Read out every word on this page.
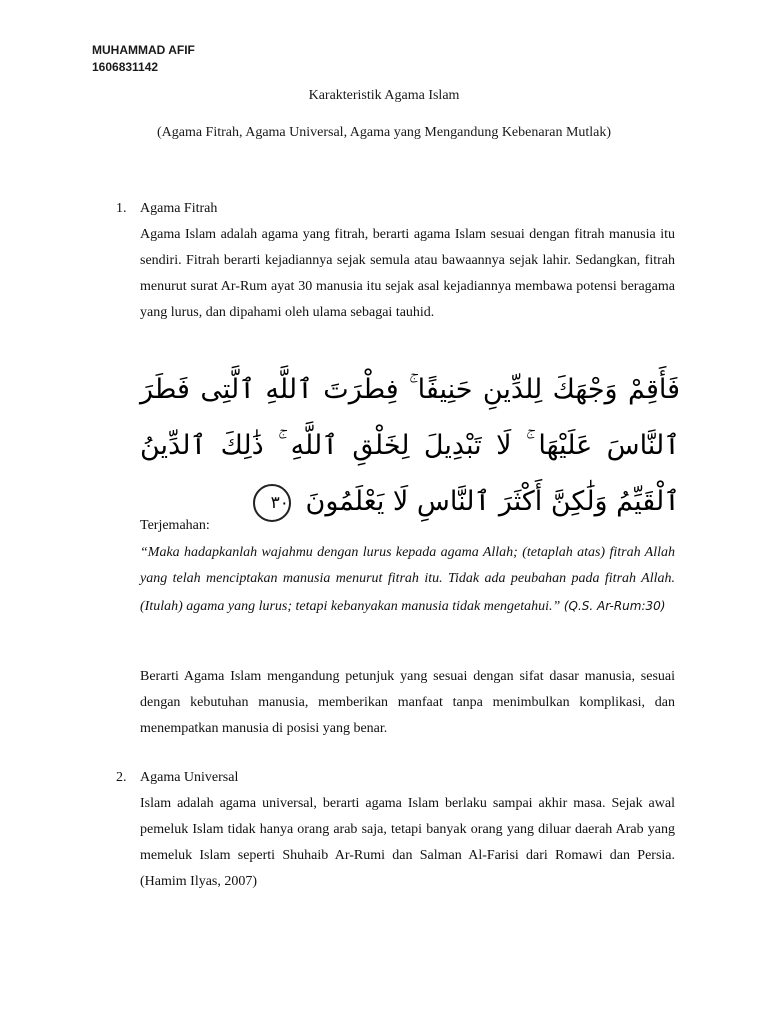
MUHAMMAD AFIF
1606831142
Karakteristik Agama Islam
(Agama Fitrah, Agama Universal, Agama yang Mengandung Kebenaran Mutlak)
1. Agama Fitrah
Agama Islam adalah agama yang fitrah, berarti agama Islam sesuai dengan fitrah manusia itu sendiri. Fitrah berarti kejadiannya sejak semula atau bawaannya sejak lahir. Sedangkan, fitrah menurut surat Ar-Rum ayat 30 manusia itu sejak asal kejadiannya membawa potensi beragama yang lurus, dan dipahami oleh ulama sebagai tauhid.
فَأَقِمْ وَجْهَكَ لِلدِّينِ حَنِيفًا ۚ فِطْرَتَ ٱللَّهِ ٱلَّتِى فَطَرَ ٱلنَّاسَ عَلَيْهَا ۚ لَا تَبْدِيلَ لِخَلْقِ ٱللَّهِ ۚ ذَٰلِكَ ٱلدِّينُ ٱلْقَيِّمُ وَلَٰكِنَّ أَكْثَرَ ٱلنَّاسِ لَا يَعْلَمُونَ ٣٠
Terjemahan:
“Maka hadapkanlah wajahmu dengan lurus kepada agama Allah; (tetaplah atas) fitrah Allah yang telah menciptakan manusia menurut fitrah itu. Tidak ada peubahan pada fitrah Allah. (Itulah) agama yang lurus; tetapi kebanyakan manusia tidak mengetahui.” (Q.S. Ar-Rum:30)
Berarti Agama Islam mengandung petunjuk yang sesuai dengan sifat dasar manusia, sesuai dengan kebutuhan manusia, memberikan manfaat tanpa menimbulkan komplikasi, dan menempatkan manusia di posisi yang benar.
2. Agama Universal
Islam adalah agama universal, berarti agama Islam berlaku sampai akhir masa. Sejak awal pemeluk Islam tidak hanya orang arab saja, tetapi banyak orang yang diluar daerah Arab yang memeluk Islam seperti Shuhaib Ar-Rumi dan Salman Al-Farisi dari Romawi dan Persia. (Hamim Ilyas, 2007)
